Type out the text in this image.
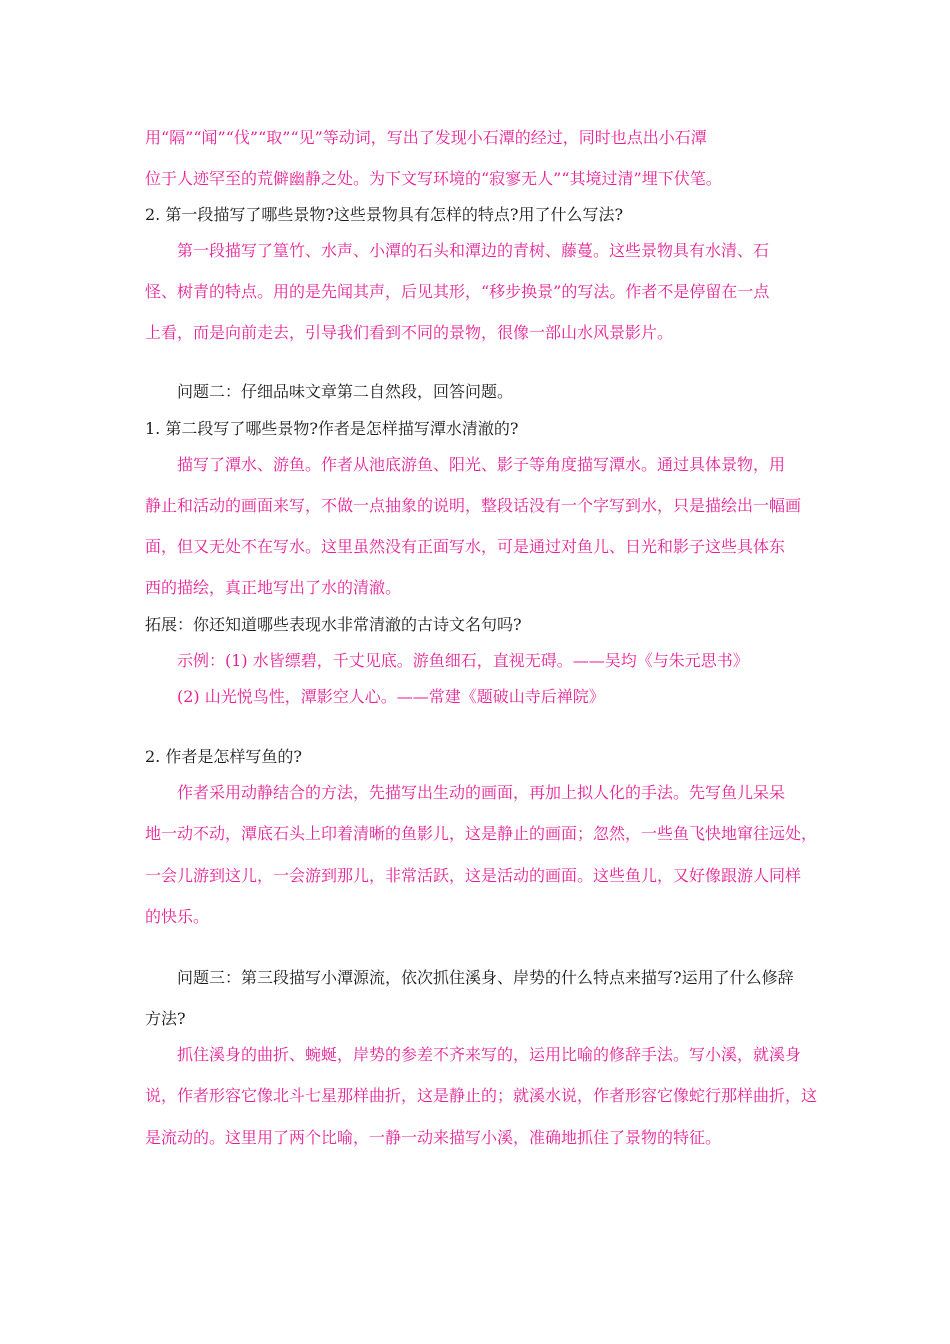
用“隔”“闻”“伐”“取”“见”等动词，写出了发现小石潭的经过，同时也点出小石潭

位于人迹罕至的荒僻幽静之处。为下文写环境的“寂寥无人”“其境过清”埋下伏笔。

2. 第一段描写了哪些景物?这些景物具有怎样的特点?用了什么写法?

第一段描写了篁竹、水声、小潭的石头和潭边的青树、藤蔓。这些景物具有水清、石

怪、树青的特点。用的是先闻其声，后见其形，“移步换景”的写法。作者不是停留在一点

上看，而是向前走去，引导我们看到不同的景物，很像一部山水风景影片。

问题二：仔细品味文章第二自然段，回答问题。

1. 第二段写了哪些景物?作者是怎样描写潭水清澈的?

描写了潭水、游鱼。作者从池底游鱼、阳光、影子等角度描写潭水。通过具体景物，用

静止和活动的画面来写，不做一点抽象的说明，整段话没有一个字写到水，只是描绘出一幅画

面，但又无处不在写水。这里虽然没有正面写水，可是通过对鱼儿、日光和影子这些具体东

西的描绘，真正地写出了水的清澈。

拓展：你还知道哪些表现水非常清澈的古诗文名句吗?

示例：(1) 水皆缥碧，千丈见底。游鱼细石，直视无碍。——吴均《与朱元思书》

(2) 山光悦鸟性，潭影空人心。——常建《题破山寺后禅院》

2. 作者是怎样写鱼的?

作者采用动静结合的方法，先描写出生动的画面，再加上拟人化的手法。先写鱼儿呆呆

地一动不动，潭底石头上印着清晰的鱼影儿，这是静止的画面；忽然，一些鱼飞快地窜往远处，

一会儿游到这儿，一会游到那儿，非常活跃，这是活动的画面。这些鱼儿，又好像跟游人同样

的快乐。

问题三：第三段描写小潭源流，依次抓住溪身、岸势的什么特点来描写?运用了什么修辞

方法?

抓住溪身的曲折、蜿蜒，岸势的参差不齐来写的，运用比喻的修辞手法。写小溪，就溪身

说，作者形容它像北斗七星那样曲折，这是静止的；就溪水说，作者形容它像蛇行那样曲折，这

是流动的。这里用了两个比喻，一静一动来描写小溪，准确地抓住了景物的特征。
